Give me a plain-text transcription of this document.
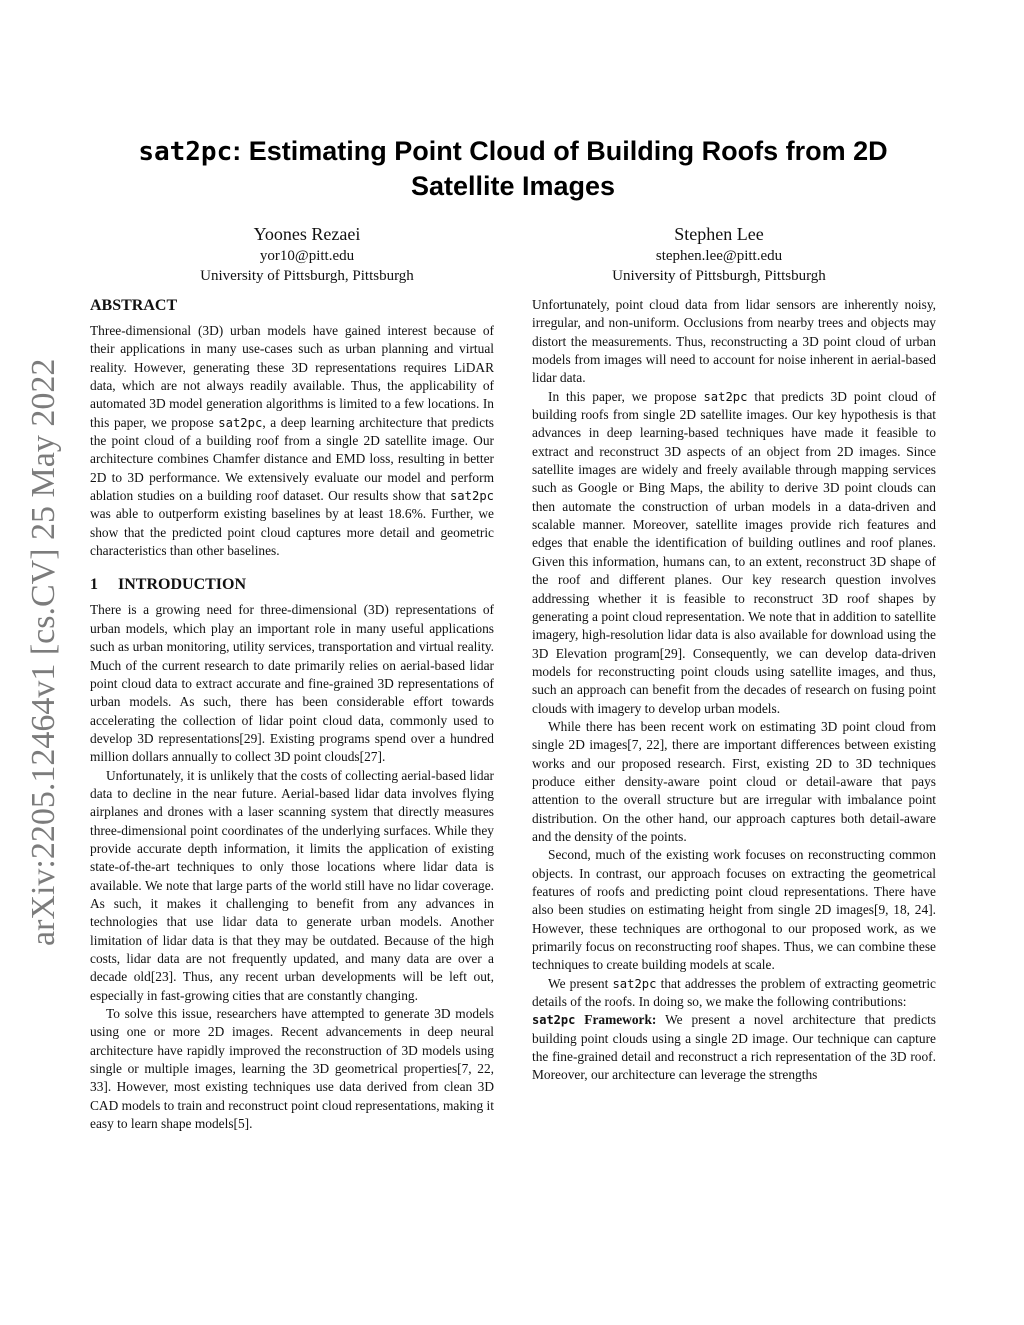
arXiv:2205.12464v1 [cs.CV] 25 May 2022
sat2pc: Estimating Point Cloud of Building Roofs from 2D Satellite Images
Yoones Rezaei
yor10@pitt.edu
University of Pittsburgh, Pittsburgh
Stephen Lee
stephen.lee@pitt.edu
University of Pittsburgh, Pittsburgh
ABSTRACT

Three-dimensional (3D) urban models have gained interest because of their applications in many use-cases such as urban planning and virtual reality. However, generating these 3D representations requires LiDAR data, which are not always readily available. Thus, the applicability of automated 3D model generation algorithms is limited to a few locations. In this paper, we propose sat2pc, a deep learning architecture that predicts the point cloud of a building roof from a single 2D satellite image. Our architecture combines Chamfer distance and EMD loss, resulting in better 2D to 3D performance. We extensively evaluate our model and perform ablation studies on a building roof dataset. Our results show that sat2pc was able to outperform existing baselines by at least 18.6%. Further, we show that the predicted point cloud captures more detail and geometric characteristics than other baselines.

1 INTRODUCTION

There is a growing need for three-dimensional (3D) representations of urban models, which play an important role in many useful applications such as urban monitoring, utility services, transportation and virtual reality. Much of the current research to date primarily relies on aerial-based lidar point cloud data to extract accurate and fine-grained 3D representations of urban models. As such, there has been considerable effort towards accelerating the collection of lidar point cloud data, commonly used to develop 3D representations[29]. Existing programs spend over a hundred million dollars annually to collect 3D point clouds[27].

Unfortunately, it is unlikely that the costs of collecting aerial-based lidar data to decline in the near future. Aerial-based lidar data involves flying airplanes and drones with a laser scanning system that directly measures three-dimensional point coordinates of the underlying surfaces. While they provide accurate depth information, it limits the application of existing state-of-the-art techniques to only those locations where lidar data is available. We note that large parts of the world still have no lidar coverage. As such, it makes it challenging to benefit from any advances in technologies that use lidar data to generate urban models. Another limitation of lidar data is that they may be outdated. Because of the high costs, lidar data are not frequently updated, and many data are over a decade old[23]. Thus, any recent urban developments will be left out, especially in fast-growing cities that are constantly changing.

To solve this issue, researchers have attempted to generate 3D models using one or more 2D images. Recent advancements in deep neural architecture have rapidly improved the reconstruction of 3D models using single or multiple images, learning the 3D geometrical properties[7, 22, 33]. However, most existing techniques use data derived from clean 3D CAD models to train and reconstruct point cloud representations, making it easy to learn shape models[5].

Unfortunately, point cloud data from lidar sensors are inherently noisy, irregular, and non-uniform. Occlusions from nearby trees and objects may distort the measurements. Thus, reconstructing a 3D point cloud of urban models from images will need to account for noise inherent in aerial-based lidar data.

In this paper, we propose sat2pc that predicts 3D point cloud of building roofs from single 2D satellite images. Our key hypothesis is that advances in deep learning-based techniques have made it feasible to extract and reconstruct 3D aspects of an object from 2D images. Since satellite images are widely and freely available through mapping services such as Google or Bing Maps, the ability to derive 3D point clouds can then automate the construction of urban models in a data-driven and scalable manner. Moreover, satellite images provide rich features and edges that enable the identification of building outlines and roof planes. Given this information, humans can, to an extent, reconstruct 3D shape of the roof and different planes. Our key research question involves addressing whether it is feasible to reconstruct 3D roof shapes by generating a point cloud representation. We note that in addition to satellite imagery, high-resolution lidar data is also available for download using the 3D Elevation program[29]. Consequently, we can develop data-driven models for reconstructing point clouds using satellite images, and thus, such an approach can benefit from the decades of research on fusing point clouds with imagery to develop urban models.

While there has been recent work on estimating 3D point cloud from single 2D images[7, 22], there are important differences between existing works and our proposed research. First, existing 2D to 3D techniques produce either density-aware point cloud or detail-aware that pays attention to the overall structure but are irregular with imbalance point distribution. On the other hand, our approach captures both detail-aware and the density of the points.

Second, much of the existing work focuses on reconstructing common objects. In contrast, our approach focuses on extracting the geometrical features of roofs and predicting point cloud representations. There have also been studies on estimating height from single 2D images[9, 18, 24]. However, these techniques are orthogonal to our proposed work, as we primarily focus on reconstructing roof shapes. Thus, we can combine these techniques to create building models at scale.

We present sat2pc that addresses the problem of extracting geometric details of the roofs. In doing so, we make the following contributions:

sat2pc Framework: We present a novel architecture that predicts building point clouds using a single 2D image. Our technique can capture the fine-grained detail and reconstruct a rich representation of the 3D roof. Moreover, our architecture can leverage the strengths
